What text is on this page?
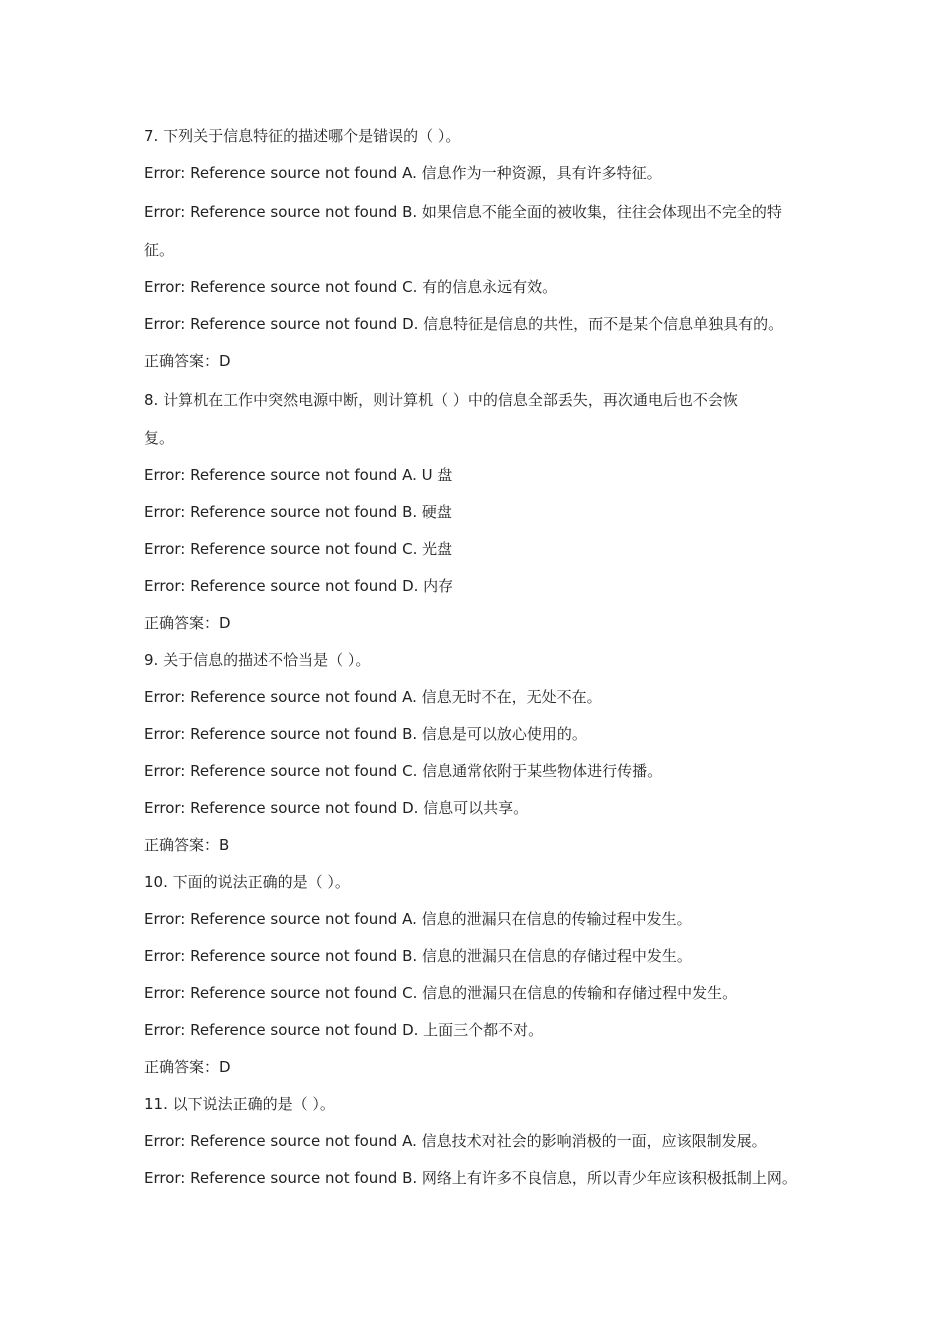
7. 下列关于信息特征的描述哪个是错误的（ ）。
Error: Reference source not found A. 信息作为一种资源，具有许多特征。
Error: Reference source not found B. 如果信息不能全面的被收集，往往会体现出不完全的特
征。
Error: Reference source not found C. 有的信息永远有效。
Error: Reference source not found D. 信息特征是信息的共性，而不是某个信息单独具有的。
正确答案：D
8. 计算机在工作中突然电源中断，则计算机（ ）中的信息全部丢失，再次通电后也不会恢
复。
Error: Reference source not found A. U 盘
Error: Reference source not found B. 硬盘
Error: Reference source not found C. 光盘
Error: Reference source not found D. 内存
正确答案：D
9. 关于信息的描述不恰当是（ ）。
Error: Reference source not found A. 信息无时不在，无处不在。
Error: Reference source not found B. 信息是可以放心使用的。
Error: Reference source not found C. 信息通常依附于某些物体进行传播。
Error: Reference source not found D. 信息可以共享。
正确答案：B
10. 下面的说法正确的是（ ）。
Error: Reference source not found A. 信息的泄漏只在信息的传输过程中发生。
Error: Reference source not found B. 信息的泄漏只在信息的存储过程中发生。
Error: Reference source not found C. 信息的泄漏只在信息的传输和存储过程中发生。
Error: Reference source not found D. 上面三个都不对。
正确答案：D
11. 以下说法正确的是（ ）。
Error: Reference source not found A. 信息技术对社会的影响消极的一面，应该限制发展。
Error: Reference source not found B. 网络上有许多不良信息，所以青少年应该积极抵制上网。
